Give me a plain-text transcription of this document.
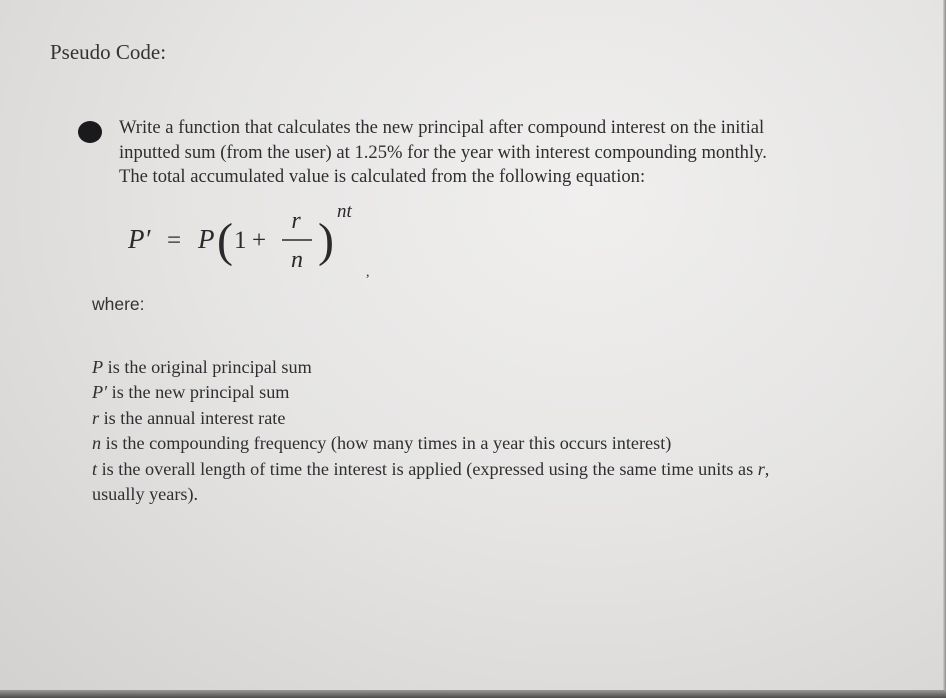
Pseudo Code:
Write a function that calculates the new principal after compound interest on the initial
inputted sum (from the user) at 1.25% for the year with interest compounding monthly.
The total accumulated value is calculated from the following equation:
P′ = P ( 1 +
r
n )
nt
,
where:
P is the original principal sum
P′ is the new principal sum
r is the annual interest rate
n is the compounding frequency (how many times in a year this occurs interest)
t is the overall length of time the interest is applied (expressed using the same time units as r,
usually years).
